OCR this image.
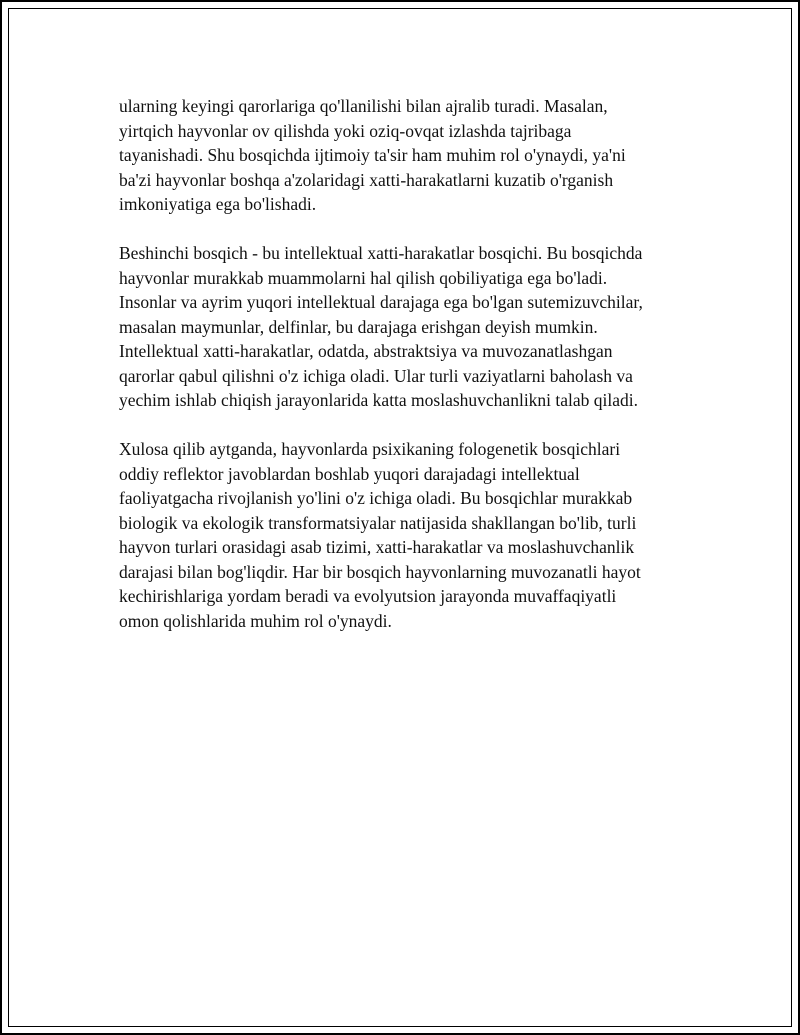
ularning keyingi qarorlariga qo'llanilishi bilan ajralib turadi. Masalan,
yirtqich hayvonlar ov qilishda yoki oziq-ovqat izlashda tajribaga
tayanishadi. Shu bosqichda ijtimoiy ta'sir ham muhim rol o'ynaydi, ya'ni
ba'zi hayvonlar boshqa a'zolaridagi xatti-harakatlarni kuzatib o'rganish
imkoniyatiga ega bo'lishadi.

Beshinchi bosqich - bu intellektual xatti-harakatlar bosqichi. Bu bosqichda
hayvonlar murakkab muammolarni hal qilish qobiliyatiga ega bo'ladi.
Insonlar va ayrim yuqori intellektual darajaga ega bo'lgan sutemizuvchilar,
masalan maymunlar, delfinlar, bu darajaga erishgan deyish mumkin.
Intellektual xatti-harakatlar, odatda, abstraktsiya va muvozanatlashgan
qarorlar qabul qilishni o'z ichiga oladi. Ular turli vaziyatlarni baholash va
yechim ishlab chiqish jarayonlarida katta moslashuvchanlikni talab qiladi.

Xulosa qilib aytganda, hayvonlarda psixikaning fologenetik bosqichlari
oddiy reflektor javoblardan boshlab yuqori darajadagi intellektual
faoliyatgacha rivojlanish yo'lini o'z ichiga oladi. Bu bosqichlar murakkab
biologik va ekologik transformatsiyalar natijasida shakllangan bo'lib, turli
hayvon turlari orasidagi asab tizimi, xatti-harakatlar va moslashuvchanlik
darajasi bilan bog'liqdir. Har bir bosqich hayvonlarning muvozanatli hayot
kechirishlariga yordam beradi va evolyutsion jarayonda muvaffaqiyatli
omon qolishlarida muhim rol o'ynaydi.
